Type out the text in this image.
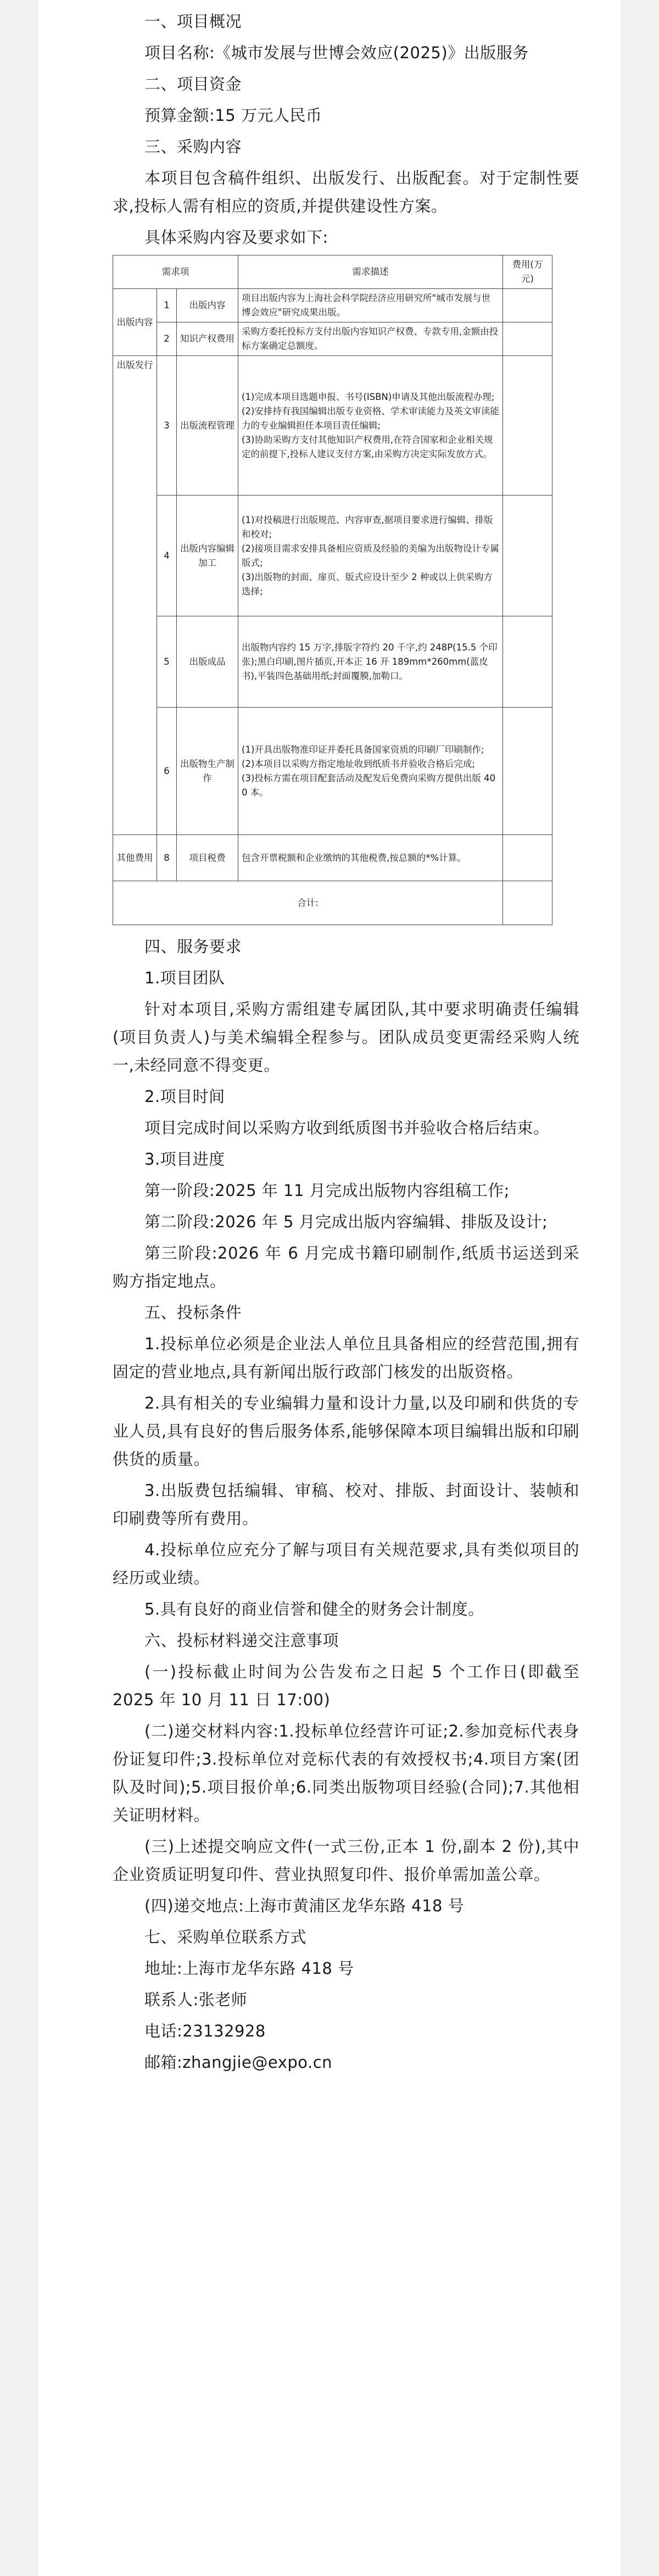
一、项目概况

项目名称:《城市发展与世博会效应(2025)》出版服务

二、项目资金

预算金额:15 万元人民币

三、采购内容

本项目包含稿件组织、出版发行、出版配套。对于定制性要求,投标人需有相应的资质,并提供建设性方案。

具体采购内容及要求如下:

需求项			需求描述	费用(万元)
出版内容	1	出版内容	项目出版内容为上海社会科学院经济应用研究所"城市发展与世博会效应"研究成果出版。	
	2	知识产权费用	采购方委托投标方支付出版内容知识产权费、专款专用,金额由投标方案确定总额度。	
出版发行	3	出版流程管理	(1)完成本项目选题申报、书号(ISBN)申请及其他出版流程办理;
(2)安排持有我国编辑出版专业资格、学术审读能力及英文审读能力的专业编辑担任本项目责任编辑;
(3)协助采购方支付其他知识产权费用,在符合国家和企业相关规定的前提下,投标人建议支付方案,由采购方决定实际发放方式。	

	4	出版内容编辑加工	(1)对投稿进行出版规范、内容审查,据项目要求进行编辑、排版和校对;
(2)接项目需求安排具备相应资质及经验的美编为出版物设计专属版式;
(3)出版物的封面、扉页、版式应设计至少 2 种或以上供采购方选择;	

	5	出版成品	出版物内容约 15 万字,排版字符约 20 千字,约 248P(15.5 个印张);黑白印刷,图片插页,开本正 16 开 189mm*260mm(蓝皮书),平装四色基础用纸;封面覆膜,加勒口。	
	6	出版物生产制作	(1)开具出版物准印证并委托具备国家资质的印刷厂印刷制作;
(2)本项目以采购方指定地址收到纸质书并验收合格后完成;
(3)投标方需在项目配套活动及配发后免费向采购方提供出版 400 本。	

其他费用	8	项目税费	包含开票税额和企业缴纳的其他税费,按总额的*%计算。	
合计:				

四、服务要求

1.项目团队

针对本项目,采购方需组建专属团队,其中要求明确责任编辑(项目负责人)与美术编辑全程参与。团队成员变更需经采购人统一,未经同意不得变更。

2.项目时间

项目完成时间以采购方收到纸质图书并验收合格后结束。

3.项目进度

第一阶段:2025 年 11 月完成出版物内容组稿工作;

第二阶段:2026 年 5 月完成出版内容编辑、排版及设计;

第三阶段:2026 年 6 月完成书籍印刷制作,纸质书运送到采购方指定地点。

五、投标条件

1.投标单位必须是企业法人单位且具备相应的经营范围,拥有固定的营业地点,具有新闻出版行政部门核发的出版资格。

2.具有相关的专业编辑力量和设计力量,以及印刷和供货的专业人员,具有良好的售后服务体系,能够保障本项目编辑出版和印刷供货的质量。

3.出版费包括编辑、审稿、校对、排版、封面设计、装帧和印刷费等所有费用。

4.投标单位应充分了解与项目有关规范要求,具有类似项目的经历或业绩。

5.具有良好的商业信誉和健全的财务会计制度。

六、投标材料递交注意事项

(一)投标截止时间为公告发布之日起 5 个工作日(即截至 2025 年 10 月 11 日 17:00)

(二)递交材料内容:1.投标单位经营许可证;2.参加竞标代表身份证复印件;3.投标单位对竞标代表的有效授权书;4.项目方案(团队及时间);5.项目报价单;6.同类出版物项目经验(合同);7.其他相关证明材料。

(三)上述提交响应文件(一式三份,正本 1 份,副本 2 份),其中企业资质证明复印件、营业执照复印件、报价单需加盖公章。

(四)递交地点:上海市黄浦区龙华东路 418 号

七、采购单位联系方式

地址:上海市龙华东路 418 号

联系人:张老师

电话:23132928

邮箱:zhangjie@expo.cn
